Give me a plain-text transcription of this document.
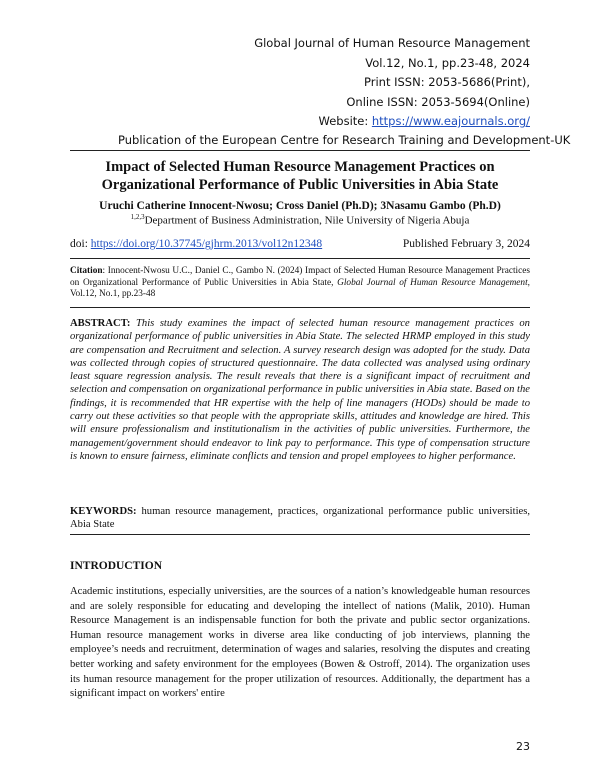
Global Journal of Human Resource Management
Vol.12, No.1, pp.23-48, 2024
Print ISSN: 2053-5686(Print),
Online ISSN: 2053-5694(Online)
Website: https://www.eajournals.org/
Publication of the European Centre for Research Training and Development-UK
Impact of Selected Human Resource Management Practices on
Organizational Performance of Public Universities in Abia State
Uruchi Catherine Innocent-Nwosu; Cross Daniel (Ph.D); 3Nasamu Gambo (Ph.D)
$^{1,2,3}$Department of Business Administration, Nile University of Nigeria Abuja
doi: https://doi.org/10.37745/gjhrm.2013/vol12n12348	Published February 3, 2024
Citation: Innocent-Nwosu U.C., Daniel C., Gambo N. (2024) Impact of Selected Human Resource Management Practices on Organizational Performance of Public Universities in Abia State, Global Journal of Human Resource Management, Vol.12, No.1, pp.23-48
ABSTRACT: This study examines the impact of selected human resource management practices on organizational performance of public universities in Abia State. The selected HRMP employed in this study are compensation and Recruitment and selection. A survey research design was adopted for the study. Data was collected through copies of structured questionnaire. The data collected was analysed using ordinary least square regression analysis. The result reveals that there is a significant impact of recruitment and selection and compensation on organizational performance in public universities in Abia state. Based on the findings, it is recommended that HR expertise with the help of line managers (HODs) should be made to carry out these activities so that people with the appropriate skills, attitudes and knowledge are hired. This will ensure professionalism and institutionalism in the activities of public universities. Furthermore, the management/government should endeavor to link pay to performance. This type of compensation structure is known to ensure fairness, eliminate conflicts and tension and propel employees to higher performance.
KEYWORDS: human resource management, practices, organizational performance public universities, Abia State
INTRODUCTION
Academic institutions, especially universities, are the sources of a nation’s knowledgeable human resources and are solely responsible for educating and developing the intellect of nations (Malik, 2010). Human Resource Management is an indispensable function for both the private and public sector organizations. Human resource management works in diverse area like conducting of job interviews, planning the employee’s needs and recruitment, determination of wages and salaries, resolving the disputes and creating better working and safety environment for the employees (Bowen & Ostroff, 2014). The organization uses its human resource management for the proper utilization of resources. Additionally, the department has a significant impact on workers' entire
23
